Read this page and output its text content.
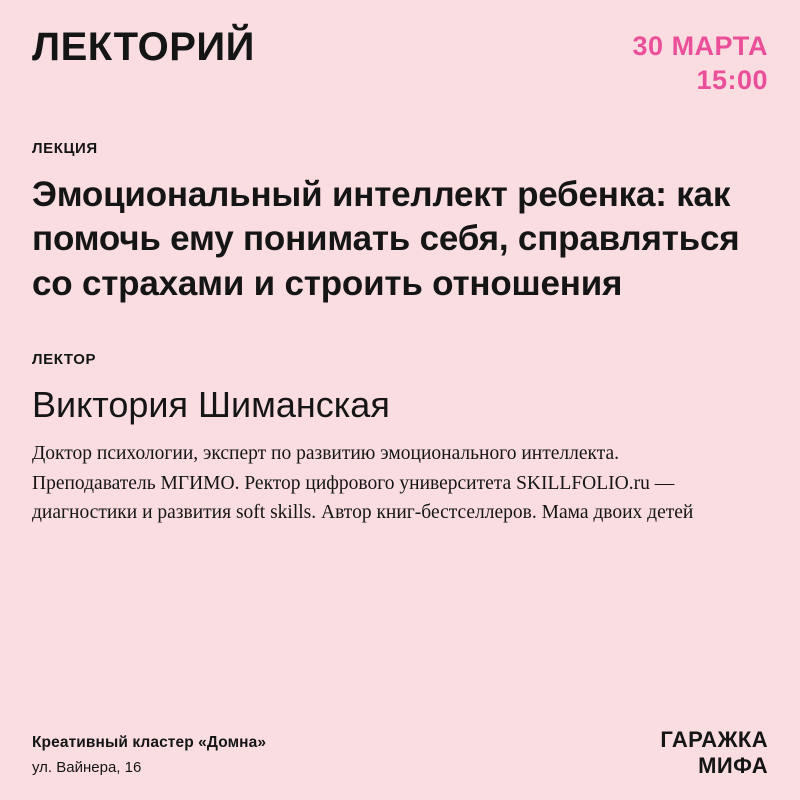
ЛЕКТОРИЙ	30 МАРТА
15:00
ЛЕКЦИЯ
Эмоциональный интеллект ребенка: как помочь ему понимать себя, справляться со страхами и строить отношения
ЛЕКТОР
Виктория Шиманская
Доктор психологии, эксперт по развитию эмоционального интеллекта. Преподаватель МГИМО. Ректор цифрового университета SKILLFOLIO.ru — диагностики и развития soft skills. Автор книг-бестселлеров. Мама двоих детей
Креативный кластер «Домна»
ул. Вайнера, 16
ГАРАЖКА
МИФА
